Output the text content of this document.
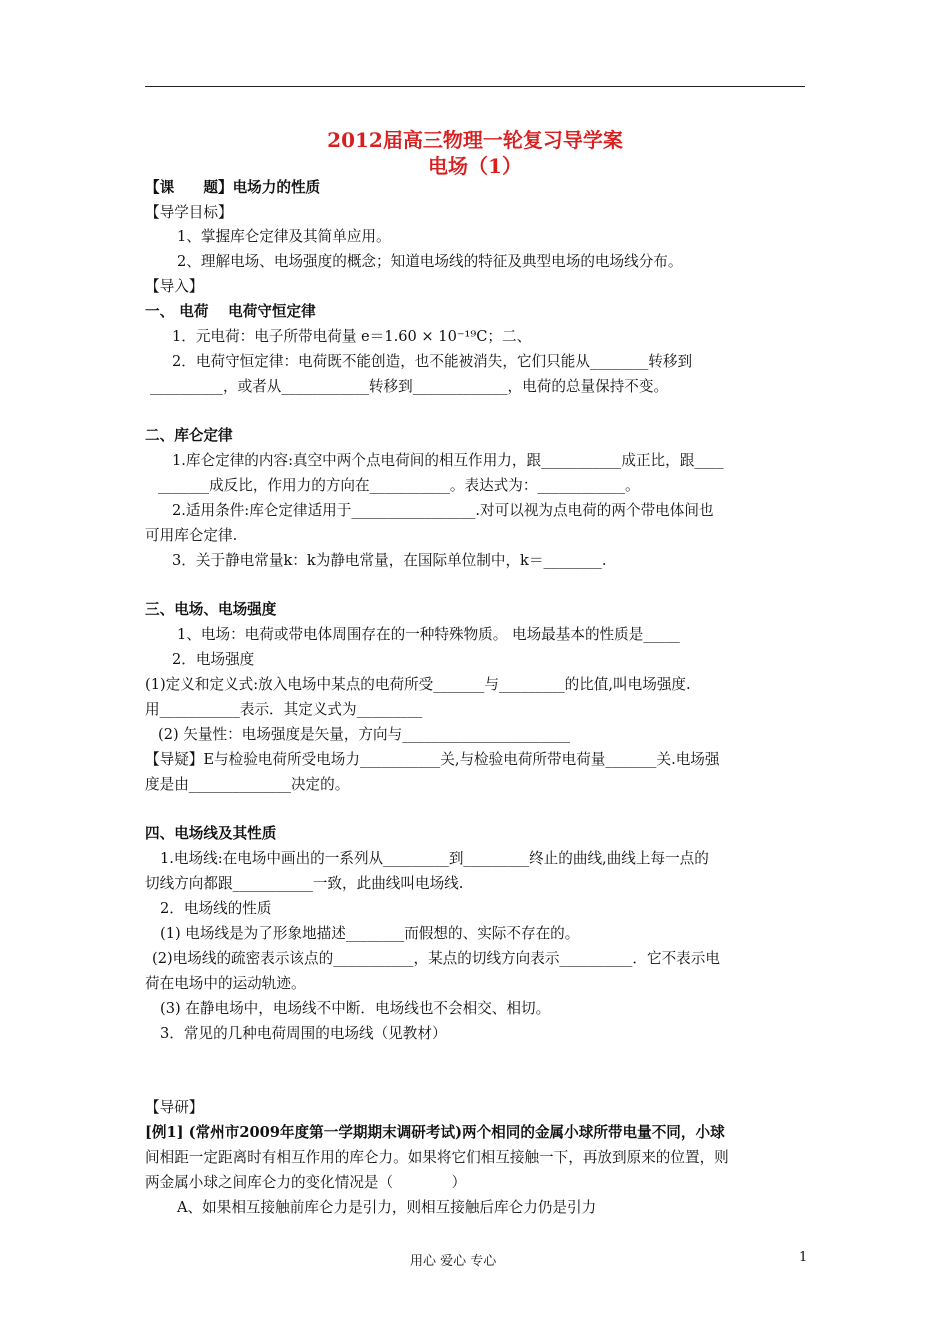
2012届高三物理一轮复习导学案
电场（1）
【课　　题】电场力的性质
【导学目标】
1、掌握库仑定律及其简单应用。
2、理解电场、电场强度的概念；知道电场线的特征及典型电场的电场线分布。
【导入】
一、 电荷　 电荷守恒定律
1．元电荷：电子所带电荷量 e＝1.60 × 10⁻¹⁹C；二、
2．电荷守恒定律：电荷既不能创造，也不能被消失，它们只能从________转移到
__________，或者从____________转移到_____________，电荷的总量保持不变。
二、库仑定律
1.库仑定律的内容:真空中两个点电荷间的相互作用力，跟___________成正比，跟____
_______成反比，作用力的方向在___________。表达式为：____________。
2.适用条件:库仑定律适用于_________________.对可以视为点电荷的两个带电体间也
可用库仑定律.
3．关于静电常量k：k为静电常量，在国际单位制中，k＝________.
三、电场、电场强度
1、电场：电荷或带电体周围存在的一种特殊物质。 电场最基本的性质是_____
2．电场强度
(1)定义和定义式:放入电场中某点的电荷所受_______与_________的比值,叫电场强度.
用___________表示．其定义式为_________
(2) 矢量性：电场强度是矢量，方向与_______________________
【导疑】E与检验电荷所受电场力___________关,与检验电荷所带电荷量_______关.电场强
度是由______________决定的。
四、电场线及其性质
1.电场线:在电场中画出的一系列从_________到_________终止的曲线,曲线上每一点的
切线方向都跟___________一致，此曲线叫电场线.
2．电场线的性质
(1) 电场线是为了形象地描述________而假想的、实际不存在的。
(2)电场线的疏密表示该点的___________，某点的切线方向表示__________．它不表示电
荷在电场中的运动轨迹。
(3) 在静电场中，电场线不中断．电场线也不会相交、相切。
3．常见的几种电荷周围的电场线（见教材）
【导研】
[例1] (常州市2009年度第一学期期末调研考试)两个相同的金属小球所带电量不同，小球
间相距一定距离时有相互作用的库仑力。如果将它们相互接触一下，再放到原来的位置，则
两金属小球之间库仑力的变化情况是（　　　　）
A、如果相互接触前库仑力是引力，则相互接触后库仑力仍是引力
用心 爱心 专心	1
